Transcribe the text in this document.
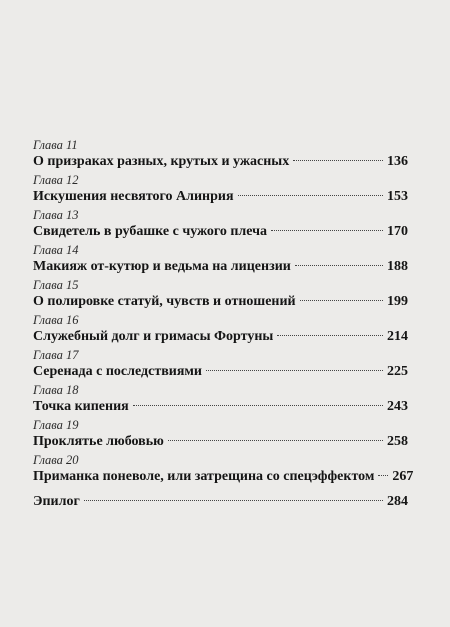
Глава 11
О призраках разных, крутых и ужасных	136
Глава 12
Искушения несвятого Алинрия	153
Глава 13
Свидетель в рубашке с чужого плеча	170
Глава 14
Макияж от-кутюр и ведьма на лицензии	188
Глава 15
О полировке статуй, чувств и отношений	199
Глава 16
Служебный долг и гримасы Фортуны	214
Глава 17
Серенада с последствиями	225
Глава 18
Точка кипения	243
Глава 19
Проклятье любовью	258
Глава 20
Приманка поневоле, или затрещина со спецэффектом 267
Эпилог	284
